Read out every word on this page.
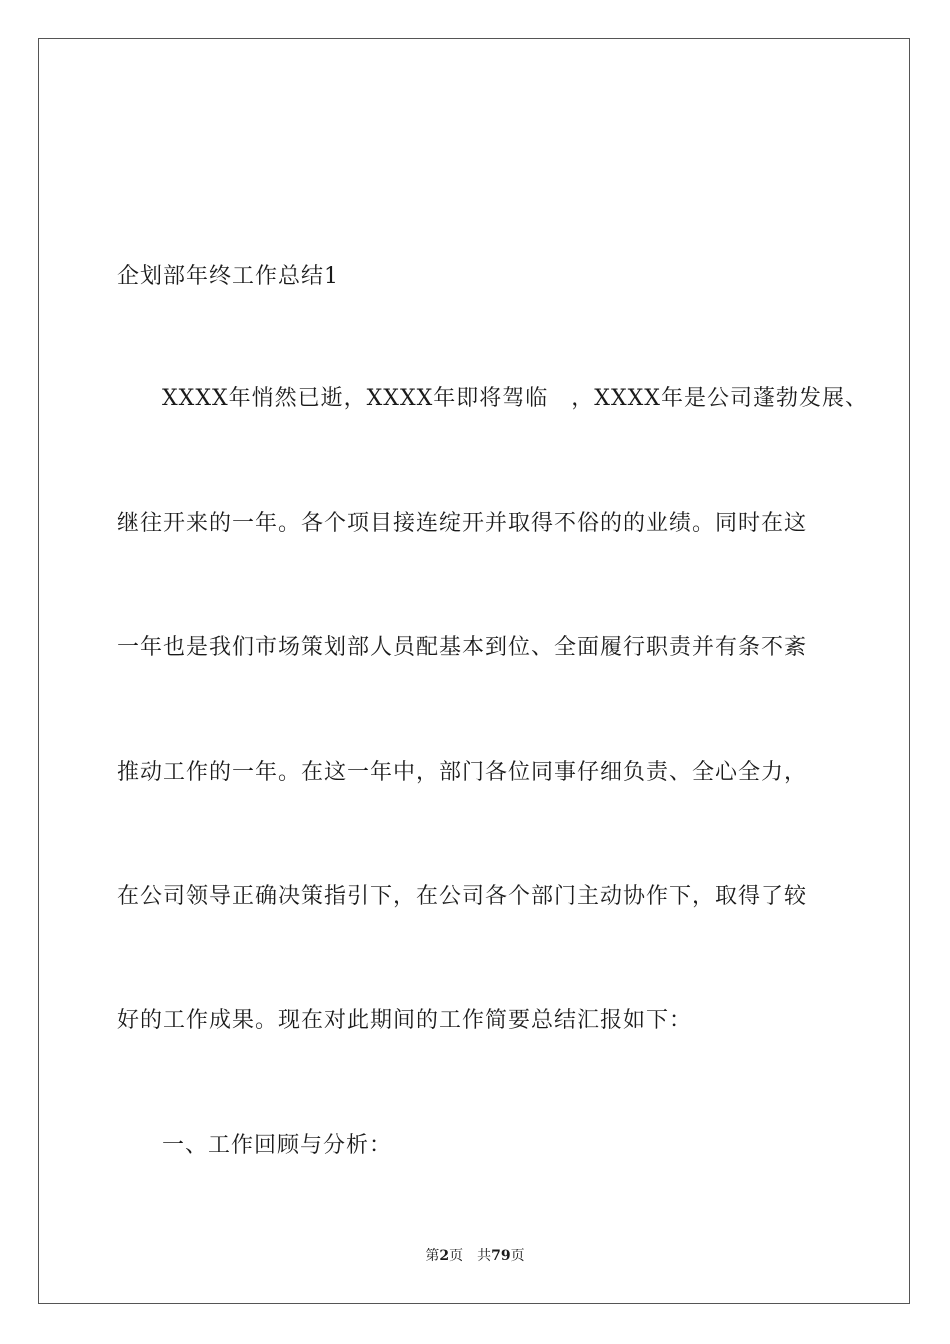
企划部年终工作总结1
XXXX年悄然已逝，XXXX年即将驾临　，XXXX年是公司蓬勃发展、
继往开来的一年。各个项目接连绽开并取得不俗的的业绩。同时在这
一年也是我们市场策划部人员配基本到位、全面履行职责并有条不紊
推动工作的一年。在这一年中，部门各位同事仔细负责、全心全力，
在公司领导正确决策指引下，在公司各个部门主动协作下，取得了较
好的工作成果。现在对此期间的工作简要总结汇报如下：
一、工作回顾与分析：
第2页 共79页
